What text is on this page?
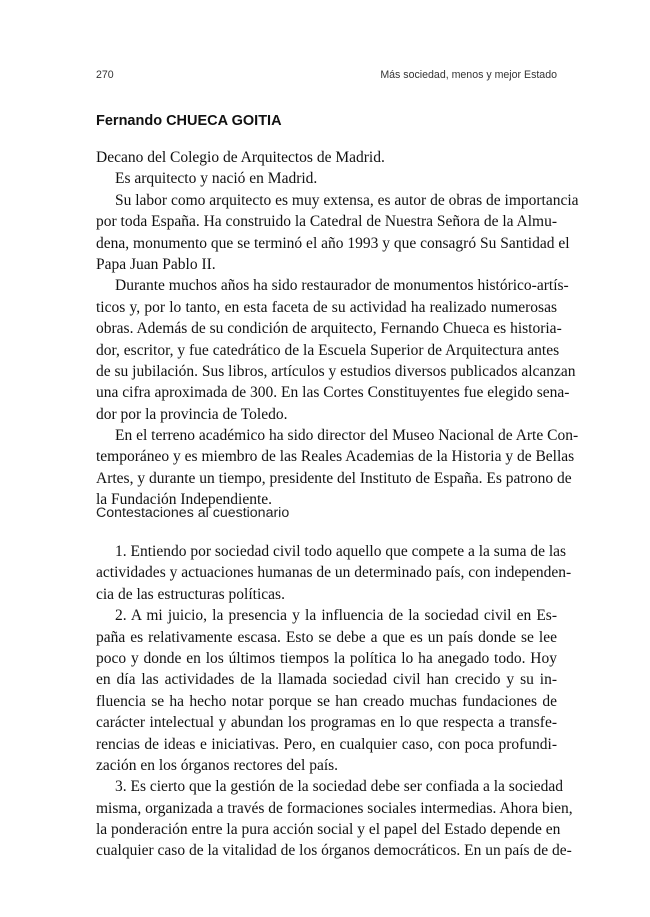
270	Más sociedad, menos y mejor Estado
Fernando CHUECA GOITIA
Decano del Colegio de Arquitectos de Madrid.
Es arquitecto y nació en Madrid.
Su labor como arquitecto es muy extensa, es autor de obras de importancia
por toda España. Ha construido la Catedral de Nuestra Señora de la Almu-
dena, monumento que se terminó el año 1993 y que consagró Su Santidad el
Papa Juan Pablo II.
Durante muchos años ha sido restaurador de monumentos histórico-artís-
ticos y, por lo tanto, en esta faceta de su actividad ha realizado numerosas
obras. Además de su condición de arquitecto, Fernando Chueca es historia-
dor, escritor, y fue catedrático de la Escuela Superior de Arquitectura antes
de su jubilación. Sus libros, artículos y estudios diversos publicados alcanzan
una cifra aproximada de 300. En las Cortes Constituyentes fue elegido sena-
dor por la provincia de Toledo.
En el terreno académico ha sido director del Museo Nacional de Arte Con-
temporáneo y es miembro de las Reales Academias de la Historia y de Bellas
Artes, y durante un tiempo, presidente del Instituto de España. Es patrono de
la Fundación Independiente.
Contestaciones al cuestionario
1. Entiendo por sociedad civil todo aquello que compete a la suma de las
actividades y actuaciones humanas de un determinado país, con independen-
cia de las estructuras políticas.
2. A mi juicio, la presencia y la influencia de la sociedad civil en Es-
paña es relativamente escasa. Esto se debe a que es un país donde se lee
poco y donde en los últimos tiempos la política lo ha anegado todo. Hoy
en día las actividades de la llamada sociedad civil han crecido y su in-
fluencia se ha hecho notar porque se han creado muchas fundaciones de
carácter intelectual y abundan los programas en lo que respecta a transfe-
rencias de ideas e iniciativas. Pero, en cualquier caso, con poca profundi-
zación en los órganos rectores del país.
3. Es cierto que la gestión de la sociedad debe ser confiada a la sociedad
misma, organizada a través de formaciones sociales intermedias. Ahora bien,
la ponderación entre la pura acción social y el papel del Estado depende en
cualquier caso de la vitalidad de los órganos democráticos. En un país de de-
